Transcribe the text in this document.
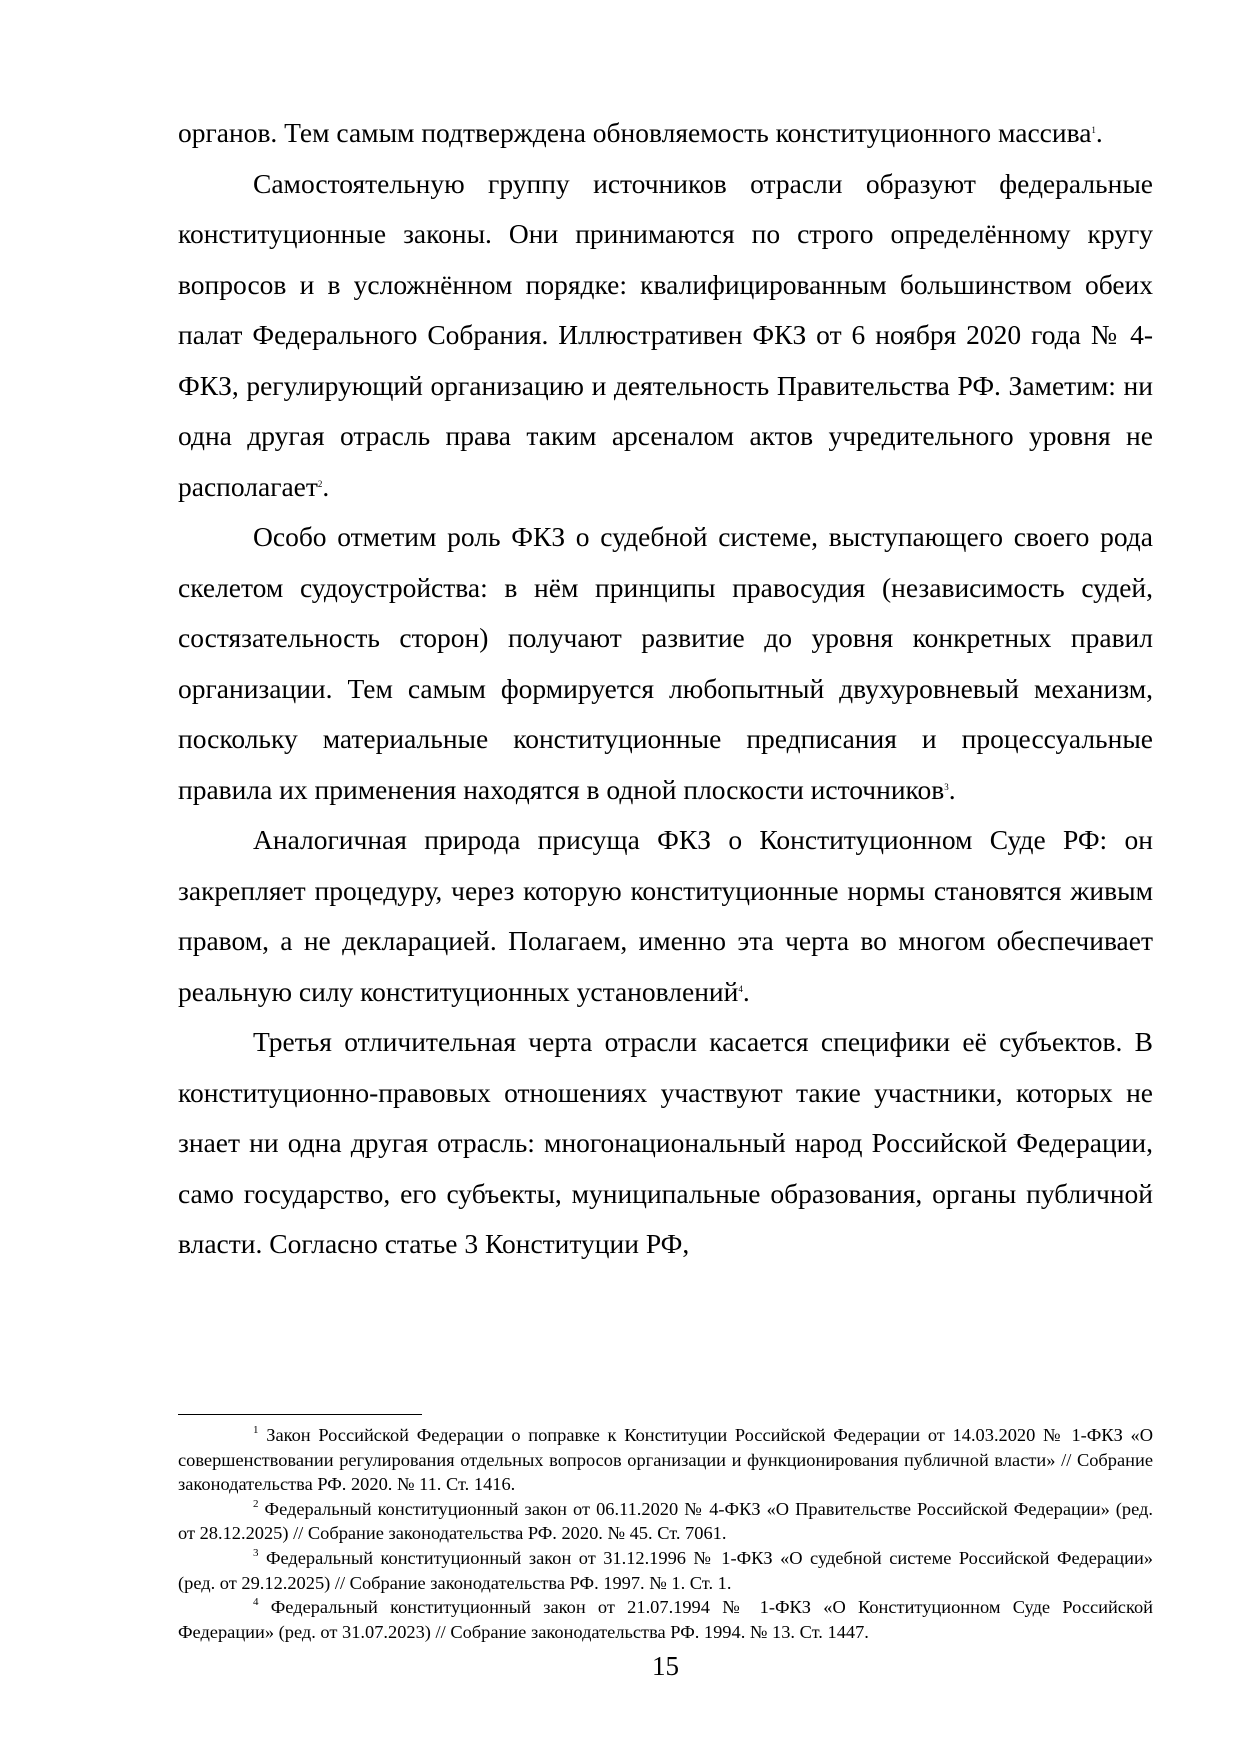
органов. Тем самым подтверждена обновляемость конституционного массива$^1$.

Самостоятельную группу источников отрасли образуют федеральные конституционные законы. Они принимаются по строго определённому кругу вопросов и в усложнённом порядке: квалифицированным большинством обеих палат Федерального Собрания. Иллюстративен ФКЗ от 6 ноября 2020 года № 4-ФКЗ, регулирующий организацию и деятельность Правительства РФ. Заметим: ни одна другая отрасль права таким арсеналом актов учредительного уровня не располагает$^2$.

Особо отметим роль ФКЗ о судебной системе, выступающего своего рода скелетом судоустройства: в нём принципы правосудия (независимость судей, состязательность сторон) получают развитие до уровня конкретных правил организации. Тем самым формируется любопытный двухуровневый механизм, поскольку материальные конституционные предписания и процессуальные правила их применения находятся в одной плоскости источников$^3$.

Аналогичная природа присуща ФКЗ о Конституционном Суде РФ: он закрепляет процедуру, через которую конституционные нормы становятся живым правом, а не декларацией. Полагаем, именно эта черта во многом обеспечивает реальную силу конституционных установлений$^4$.

Третья отличительная черта отрасли касается специфики её субъектов. В конституционно-правовых отношениях участвуют такие участники, которых не знает ни одна другая отрасль: многонациональный народ Российской Федерации, само государство, его субъекты, муниципальные образования, органы публичной власти. Согласно статье 3 Конституции РФ,

$^1$ Закон Российской Федерации о поправке к Конституции Российской Федерации от 14.03.2020 № 1-ФКЗ «О совершенствовании регулирования отдельных вопросов организации и функционирования публичной власти» // Собрание законодательства РФ. 2020. № 11. Ст. 1416.

$^2$ Федеральный конституционный закон от 06.11.2020 № 4-ФКЗ «О Правительстве Российской Федерации» (ред. от 28.12.2025) // Собрание законодательства РФ. 2020. № 45. Ст. 7061.

$^3$ Федеральный конституционный закон от 31.12.1996 № 1-ФКЗ «О судебной системе Российской Федерации» (ред. от 29.12.2025) // Собрание законодательства РФ. 1997. № 1. Ст. 1.

$^4$ Федеральный конституционный закон от 21.07.1994 № 1-ФКЗ «О Конституционном Суде Российской Федерации» (ред. от 31.07.2023) // Собрание законодательства РФ. 1994. № 13. Ст. 1447.

15
